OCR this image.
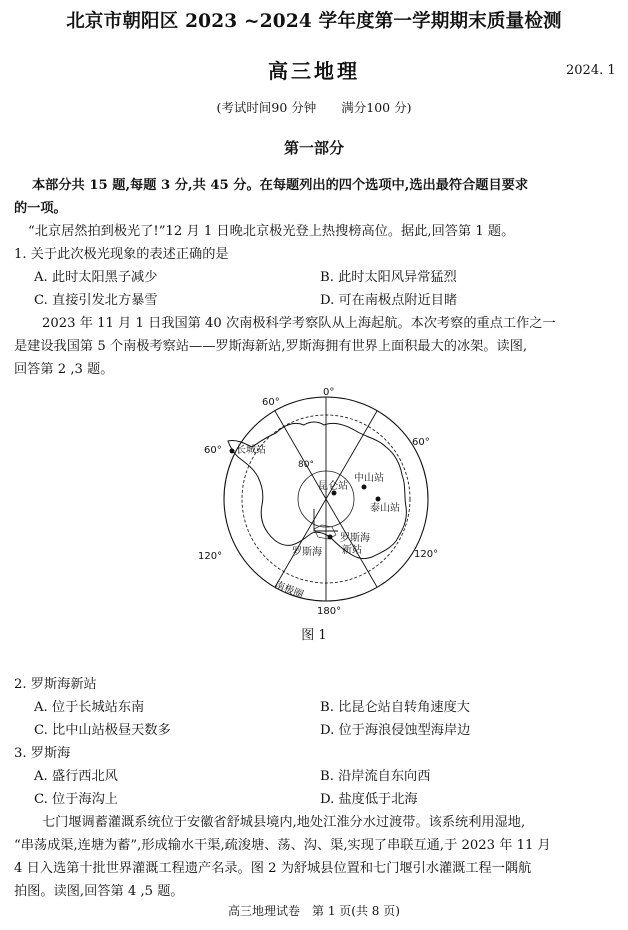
北京市朝阳区 2023 ~2024 学年度第一学期期末质量检测
高三地理	2024. 1
(考试时间90 分钟　　满分100 分)
第一部分
本部分共 15 题,每题 3 分,共 45 分。在每题列出的四个选项中,选出最符合题目要求
的一项。
“北京居然拍到极光了!”12 月 1 日晚北京极光登上热搜榜高位。据此,回答第 1 题。
1. 关于此次极光现象的表述正确的是
A. 此时太阳黑子减少	B. 此时太阳风异常猛烈
C. 直接引发北方暴雪	D. 可在南极点附近目睹
2023 年 11 月 1 日我国第 40 次南极科学考察队从上海起航。本次考察的重点工作之一
是建设我国第 5 个南极考察站——罗斯海新站,罗斯海拥有世界上面积最大的冰架。读图,
回答第 2 ,3 题。
0°
60°
60°
60°
120°	120°
180°
80°
长城站
中山站
泰山站
昆仑站
罗斯海
新站
罗斯海
南极圈
图 1
2. 罗斯海新站
A. 位于长城站东南	B. 比昆仑站自转角速度大
C. 比中山站极昼天数多	D. 位于海浪侵蚀型海岸边
3. 罗斯海
A. 盛行西北风	B. 沿岸流自东向西
C. 位于海沟上	D. 盐度低于北海
七门堰调蓄灌溉系统位于安徽省舒城县境内,地处江淮分水过渡带。该系统利用湿地,
“串荡成渠,连塘为蓄”,形成输水干渠,疏浚塘、荡、沟、渠,实现了串联互通,于 2023 年 11 月
4 日入选第十批世界灌溉工程遗产名录。图 2 为舒城县位置和七门堰引水灌溉工程一隅航
拍图。读图,回答第 4 ,5 题。
高三地理试卷　第 1 页(共 8 页)
